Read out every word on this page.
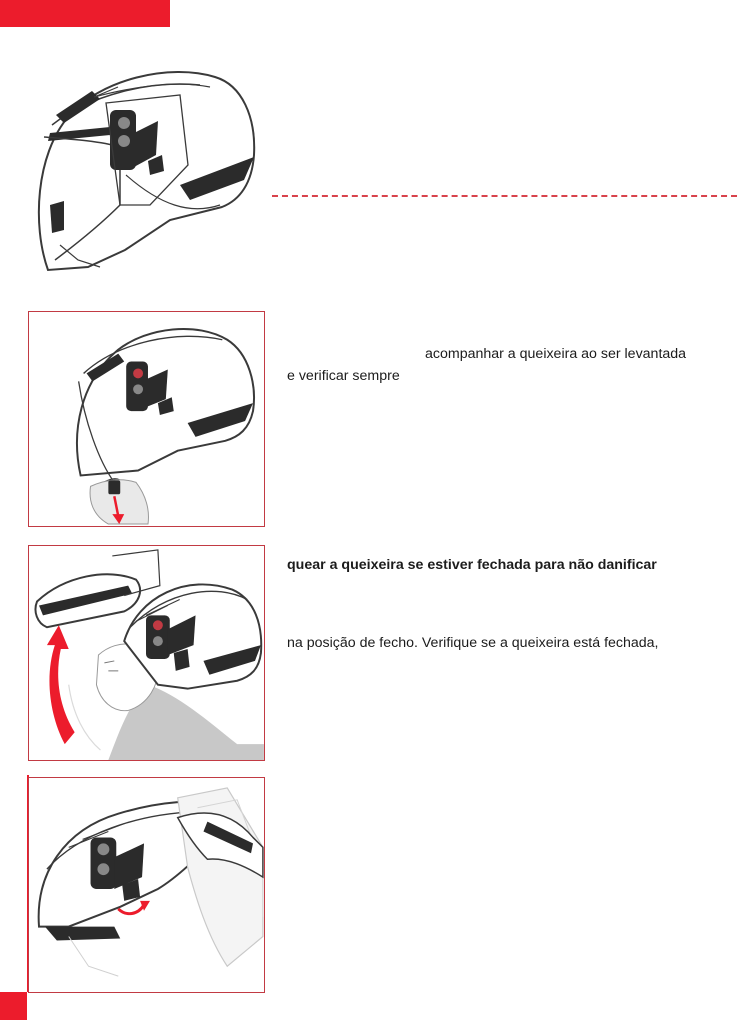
acompanhar a queixeira ao ser levantada
e verificar sempre
quear a queixeira se estiver fechada para não danificar
na posição de fecho. Verifique se a queixeira está fechada,
